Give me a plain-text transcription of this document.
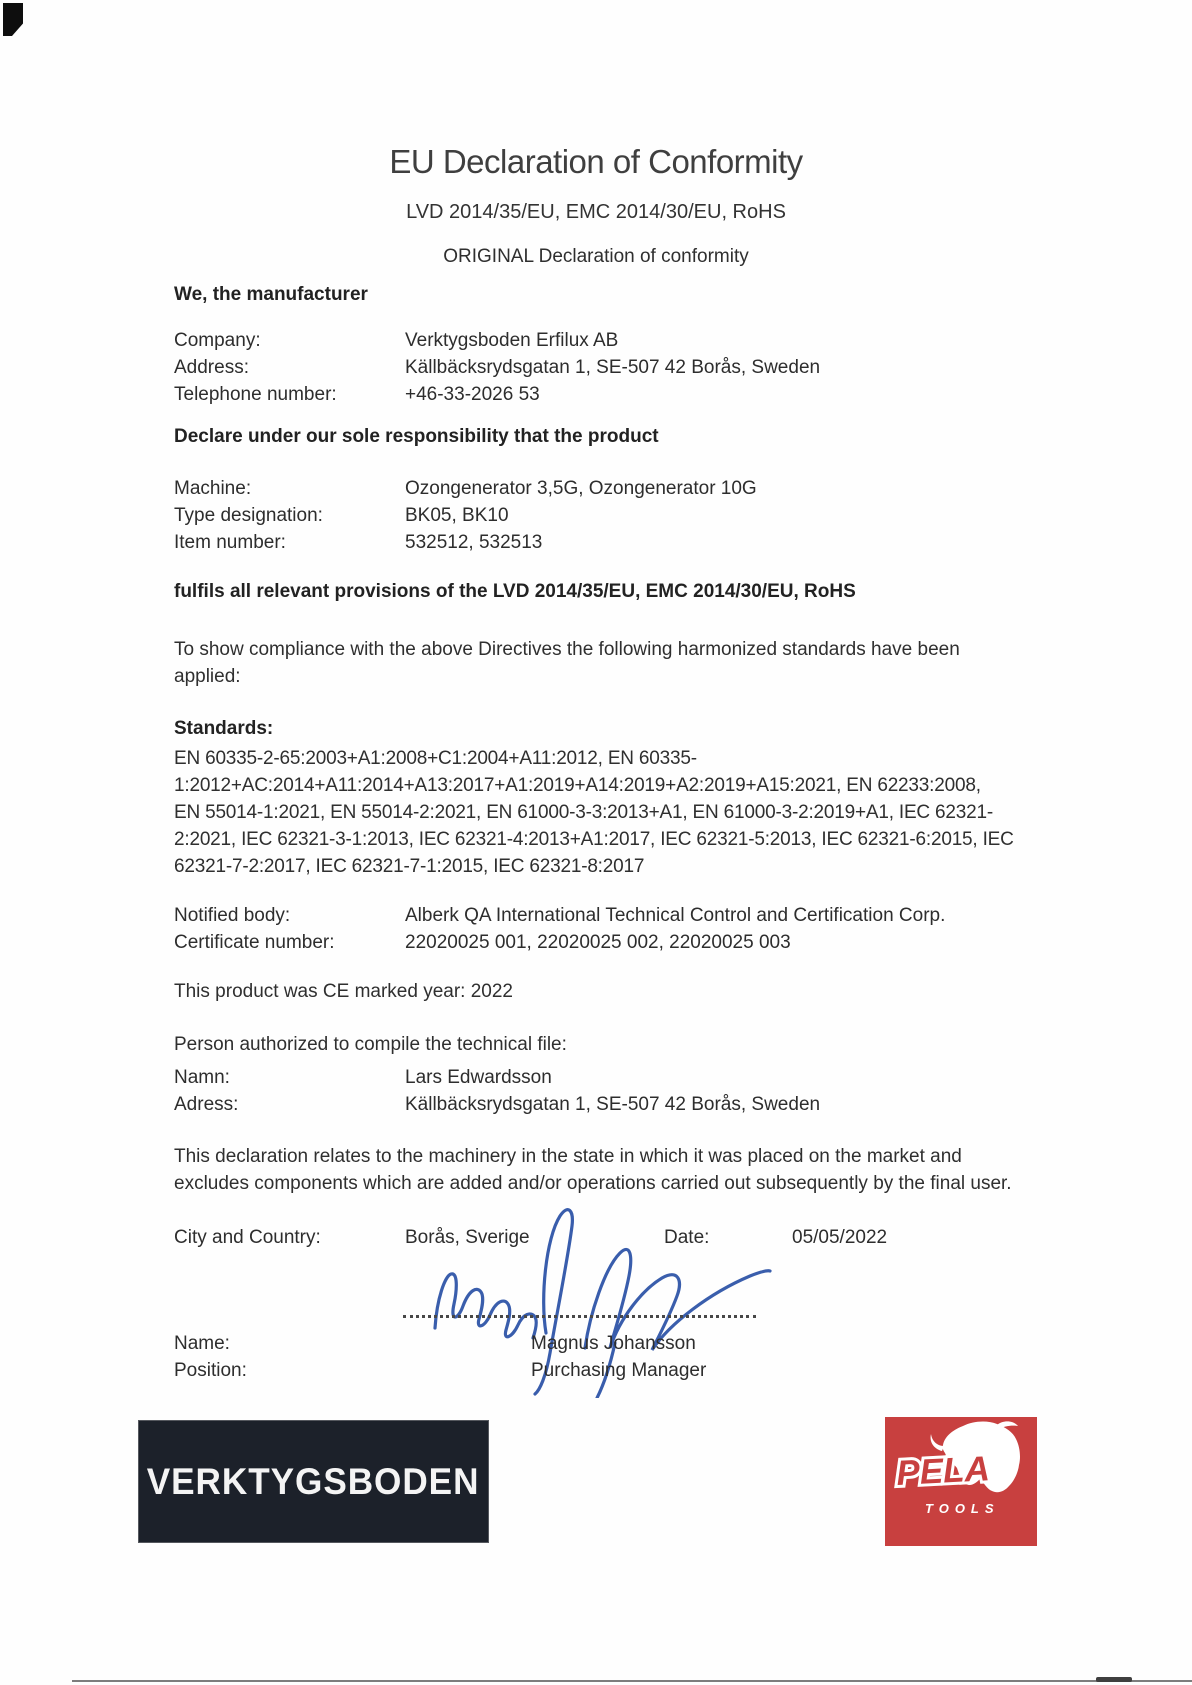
EU Declaration of Conformity
LVD 2014/35/EU, EMC 2014/30/EU, RoHS
ORIGINAL Declaration of conformity
We, the manufacturer
Company:	Verktygsboden Erfilux AB
Address:	Källbäcksrydsgatan 1, SE-507 42 Borås, Sweden
Telephone number:	+46-33-2026 53
Declare under our sole responsibility that the product
Machine:	Ozongenerator 3,5G, Ozongenerator 10G
Type designation:	BK05, BK10
Item number:	532512, 532513
fulfils all relevant provisions of the LVD 2014/35/EU, EMC 2014/30/EU, RoHS
To show compliance with the above Directives the following harmonized standards have been
applied:
Standards:
EN 60335-2-65:2003+A1:2008+C1:2004+A11:2012, EN 60335-
1:2012+AC:2014+A11:2014+A13:2017+A1:2019+A14:2019+A2:2019+A15:2021, EN 62233:2008,
EN 55014-1:2021, EN 55014-2:2021, EN 61000-3-3:2013+A1, EN 61000-3-2:2019+A1, IEC 62321-
2:2021, IEC 62321-3-1:2013, IEC 62321-4:2013+A1:2017, IEC 62321-5:2013, IEC 62321-6:2015, IEC
62321-7-2:2017, IEC 62321-7-1:2015, IEC 62321-8:2017
Notified body:	Alberk QA International Technical Control and Certification Corp.
Certificate number:	22020025 001, 22020025 002, 22020025 003
This product was CE marked year: 2022
Person authorized to compile the technical file:
Namn:	Lars Edwardsson
Adress:	Källbäcksrydsgatan 1, SE-507 42 Borås, Sweden
This declaration relates to the machinery in the state in which it was placed on the market and
excludes components which are added and/or operations carried out subsequently by the final user.
City and Country:	Borås, Sverige	Date:	05/05/2022
Name:	Magnus Johansson
Position:	Purchasing Manager
VERKTYGSBODEN	PELA
TOOLS
